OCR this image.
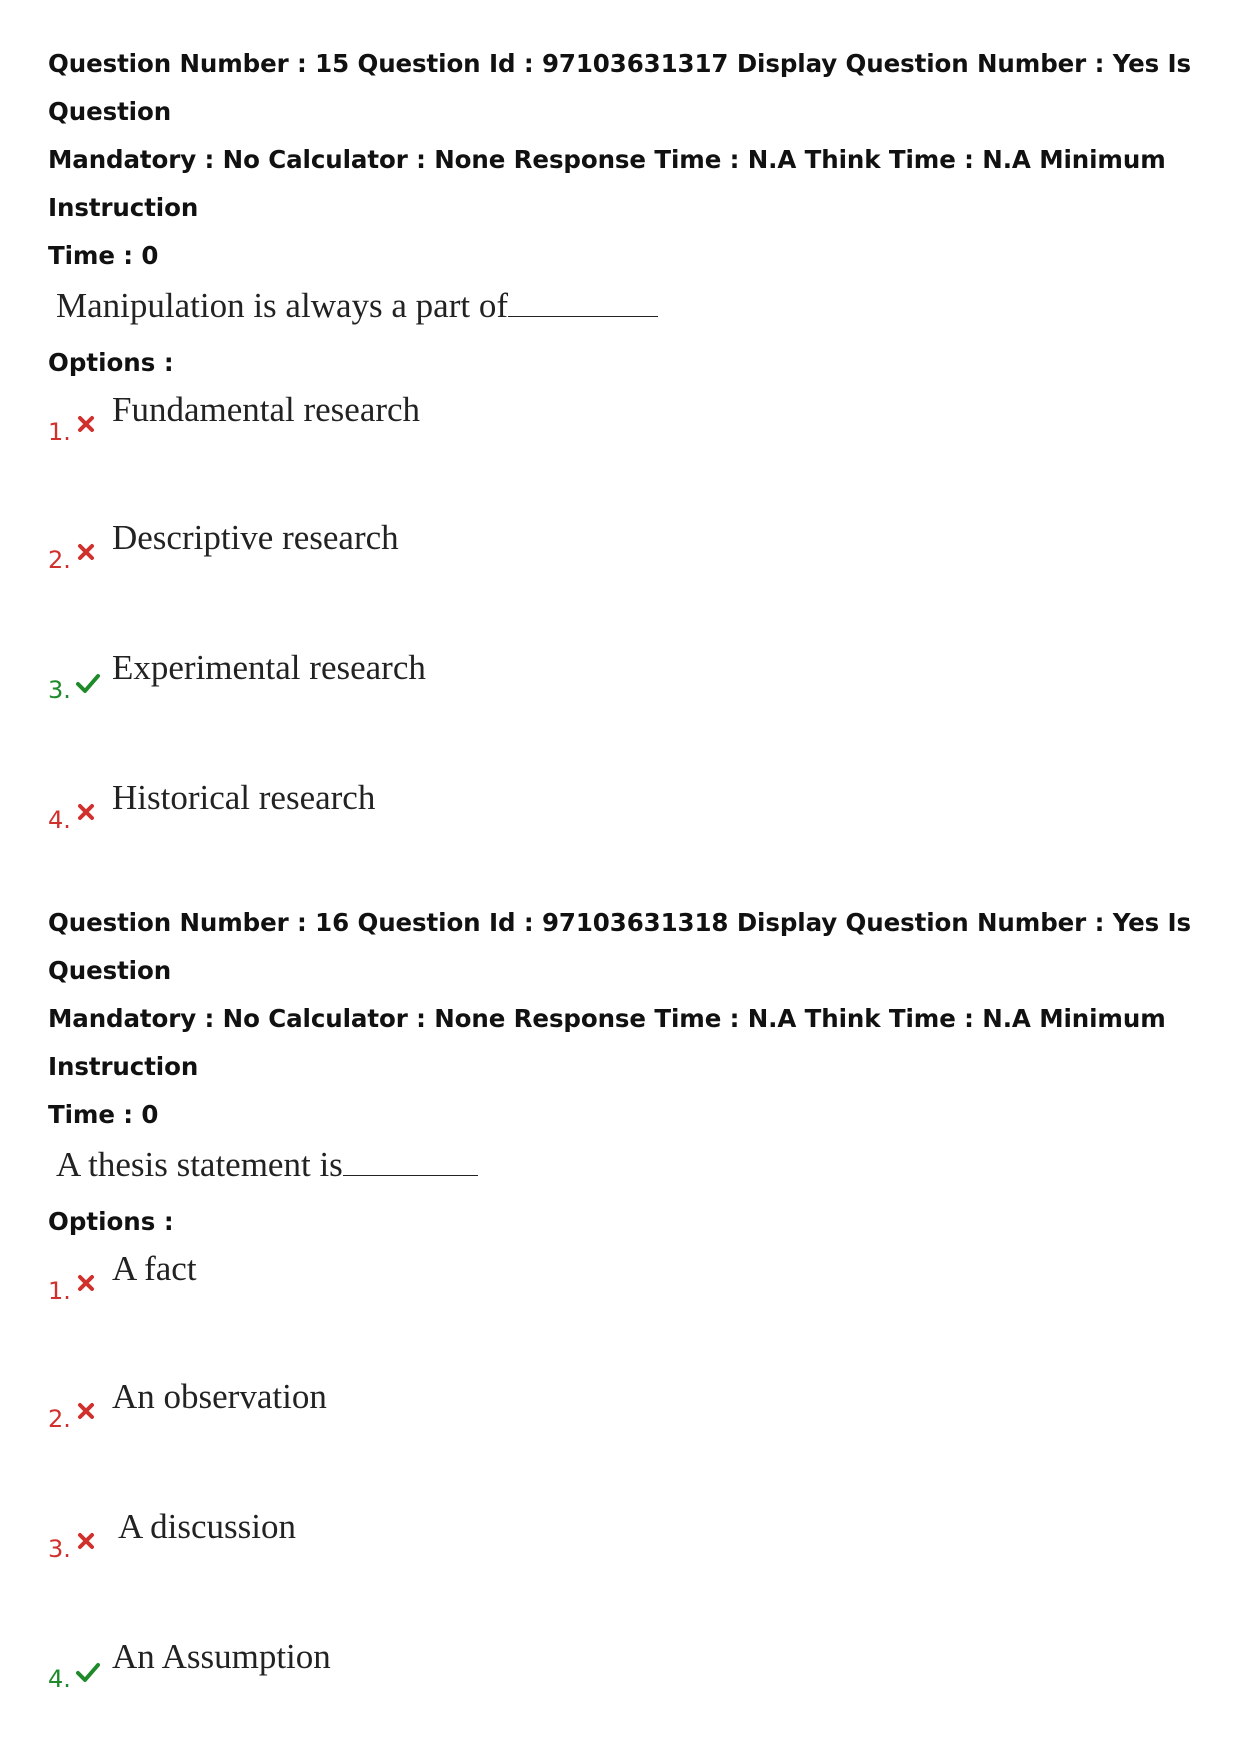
Question Number : 15 Question Id : 97103631317 Display Question Number : Yes Is Question

Mandatory : No Calculator : None Response Time : N.A Think Time : N.A Minimum Instruction

Time : 0

Manipulation is always a part of
Options :
1.
Fundamental research
2.
Descriptive research
3.
Experimental research
4.
Historical research

Question Number : 16 Question Id : 97103631318 Display Question Number : Yes Is Question

Mandatory : No Calculator : None Response Time : N.A Think Time : N.A Minimum Instruction

Time : 0

A thesis statement is
Options :
1.
A fact
2.
An observation
3.
A discussion
4.
An Assumption
